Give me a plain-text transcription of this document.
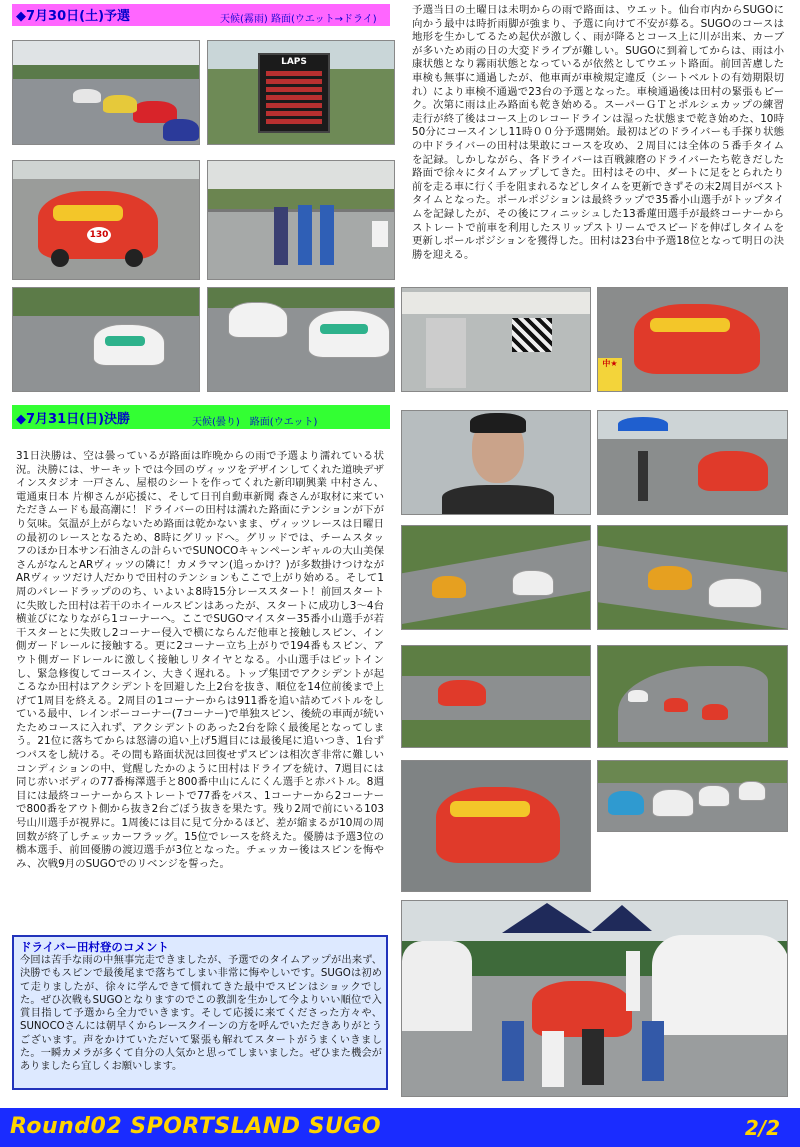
◆7月30日(土)予選	天候(霧雨) 路面(ウエット→ドライ)
LAPS
130
予選当日の土曜日は未明からの雨で路面は、ウエット。仙台市内からSUGOに向かう最中は時折雨脚が強まり、予選に向けて不安が募る。SUGOのコースは地形を生かしてるため起伏が激しく、雨が降るとコース上に川が出来、カーブが多いため雨の日の大変ドライブが難しい。SUGOに到着してからは、雨は小康状態となり霧雨状態となっているが依然としてウエット路面。前回苦慮した車検も無事に通過したが、他車両が車検規定違反（シートベルトの有効期限切れ）により車検不通過で23台の予選となった。車検通過後は田村の緊張もピーク。次第に雨は止み路面も乾き始める。スーパーＧＴとポルシェカップの練習走行が終了後はコース上のレコードラインは湿った状態まで乾き始めた、10時50分にコースインし11時００分予選開始。最初はどのドライバーも手探り状態の中ドライバーの田村は果敢にコースを攻め、２周目には全体の５番手タイムを記録。しかしながら、各ドライバーは百戦錬磨のドライバーたち乾きだした路面で徐々にタイムアップしてきた。田村はその中、ダートに足をとられたり前を走る車に行く手を阻まれるなどしタイムを更新できずその末2周目がベストタイムとなった。ポールポジションは最終ラップで35番小山選手がトップタイムを記録したが、その後にフィニッシュした13番蓮田選手が最終コーナーからストレートで前車を利用したスリップストリームでスピードを伸ばしタイムを更新しポールポジションを獲得した。田村は23台中予選18位となって明日の決勝を迎える。
中★
◆7月31日(日)決勝	天候(曇り)　路面(ウエット)
31日決勝は、空は曇っているが路面は昨晩からの雨で予選より濡れている状況。決勝には、サーキットでは今回のヴィッツをデザインしてくれた道映デザインスタジオ 一戸さん、屋根のシートを作ってくれた新印刷興業 中村さん、電通東日本 片柳さんが応援に、そして日刊自動車新聞 森さんが取材に来ていただきムードも最高潮に！ドライバーの田村は濡れた路面にテンションが下がり気味。気温が上がらないため路面は乾かないまま、ヴィッツレースは日曜日の最初のレースとなるため、8時にグリッドへ。グリッドでは、チームスタッフのほか日本サン石油さんの計らいでSUNOCOキャンペーンギャルの大山美保さんがなんとARヴィッツの隣に！カメラマン(追っかけ？)が多数掛けつけながARヴィッツだけ人だかりで田村のテンションもここで上がり始める。そして1周のパレードラップののち、いよいよ8時15分レーススタート！前回スタートに失敗した田村は若干のホイールスピンはあったが、スタートに成功し3～4台横並びになりながら1コーナーへ。ここでSUGOマイスター35番小山選手が若干スターとに失敗し2コーナー侵入で横にならんだ他車と接触しスピン、イン側ガードレールに接触する。更に2コーナー立ち上がりで194番もスピン、アウト側ガードレールに激しく接触しリタイヤとなる。小山選手はピットインし、緊急修復してコースイン、大きく遅れる。トップ集団でアクシデントが起こるなか田村はアクシデントを回避した上2台を抜き、順位を14位前後まで上げて1周目を終える。2周目の1コーナーからは911番を追い詰めてバトルをしている最中、レインボーコーナー(7コーナー)で単独スピン、後続の車両が続いたためコースに入れず、アクシデントのあった2台を除く最後尾となってしまう。21位に落ちてからは怒濤の追い上げ5週目には最後尾に追いつき、1台ずつパスをし続ける。その間も路面状況は回復せずスピンは相次ぎ非常に難しいコンディションの中、覚醒したかのように田村はドライブを続け、7週目には同じ赤いボディの77番梅澤選手と800番中山にんにくん選手と赤バトル。8週目には最終コーナーからストレートで77番をパス、1コーナーから2コーナーで800番をアウト側から抜き2台ごぼう抜きを果たす。残り2周で前にいる103号山川選手が視界に。1周後には目に見て分かるほど、差が縮まるが10周の周回数が終了しチェッカーフラッグ。15位でレースを終えた。優勝は予選3位の橋本選手、前回優勝の渡辺選手が3位となった。チェッカー後はスピンを悔やみ、次戦9月のSUGOでのリベンジを誓った。
ドライバー田村登のコメント
今回は苦手な雨の中無事完走できましたが、予選でのタイムアップが出来ず、決勝でもスピンで最後尾まで落ちてしまい非常に悔やしいです。SUGOは初めて走りましたが、徐々に学んできて慣れてきた最中でスピンはショックでした。ぜひ次戦もSUGOとなりますのでこの教訓を生かして今よりいい順位で入賞目指して予選から全力でいきます。そして応援に来てくださった方々や、SUNOCOさんには朝早くからレースクイーンの方を呼んでいただきありがとうございます。声をかけていただいて緊張も解れてスタートがうまくいきました。一瞬カメラが多くて自分の人気かと思ってしまいました。ぜひまた機会がありましたら宜しくお願いします。
Round02 SPORTSLAND SUGO	2/2
